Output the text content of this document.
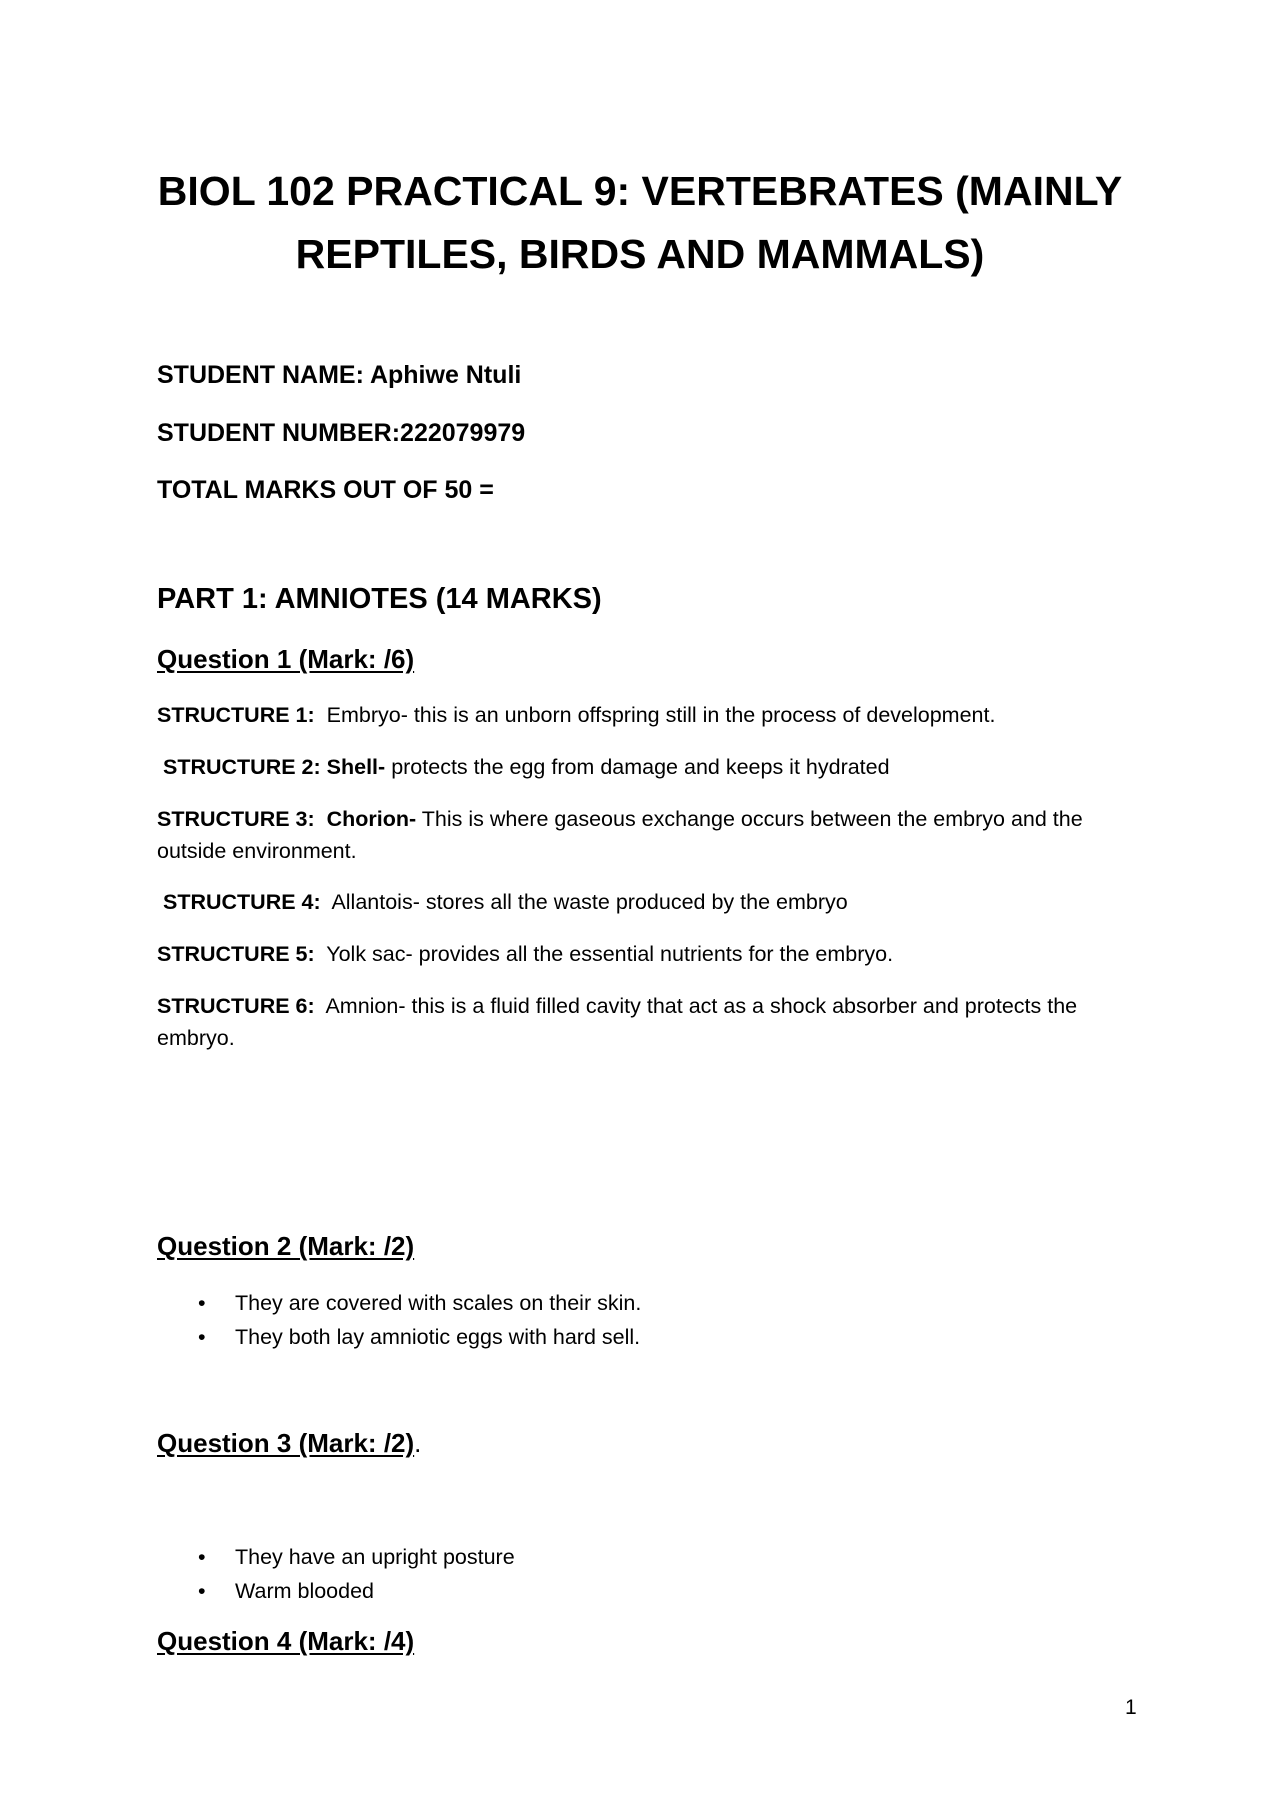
BIOL 102 PRACTICAL 9: VERTEBRATES (MAINLY REPTILES, BIRDS AND MAMMALS)

STUDENT NAME: Aphiwe Ntuli

STUDENT NUMBER:222079979

TOTAL MARKS OUT OF 50 =

PART 1: AMNIOTES (14 MARKS)
Question 1 (Mark: /6)

STRUCTURE 1: Embryo- this is an unborn offspring still in the process of development.

STRUCTURE 2: Shell- protects the egg from damage and keeps it hydrated

STRUCTURE 3: Chorion- This is where gaseous exchange occurs between the embryo and the outside environment.

STRUCTURE 4: Allantois- stores all the waste produced by the embryo

STRUCTURE 5: Yolk sac- provides all the essential nutrients for the embryo.

STRUCTURE 6: Amnion- this is a fluid filled cavity that act as a shock absorber and protects the embryo.

Question 2 (Mark: /2)
• They are covered with scales on their skin.
• They both lay amniotic eggs with hard sell.
Question 3 (Mark: /2).
• They have an upright posture
• Warm blooded
Question 4 (Mark: /4)
1
